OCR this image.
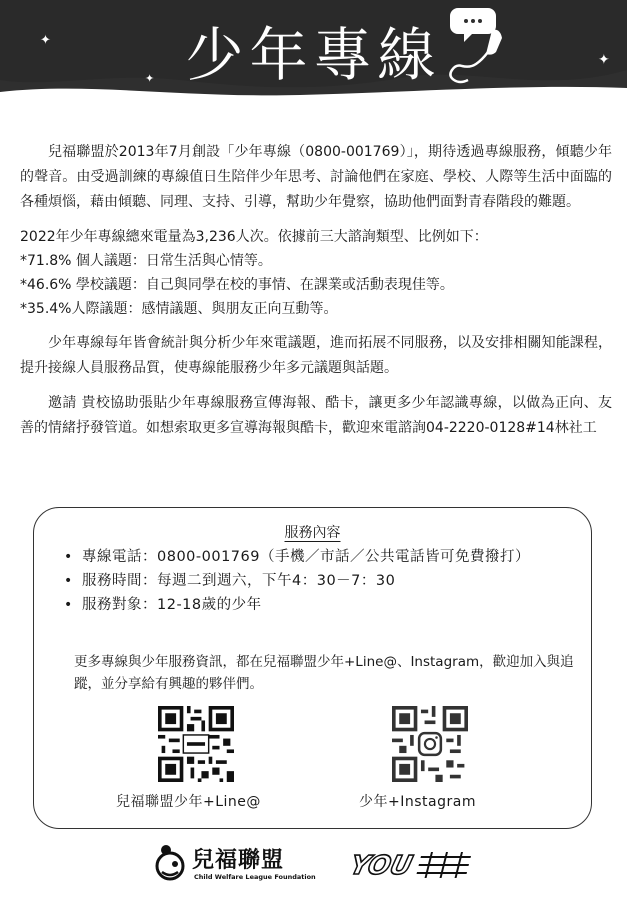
少年專線
✦
✦
✦

兒福聯盟於2013年7月創設「少年專線（0800-001769）」，期待透過專線服務，傾聽少年的聲音。由受過訓練的專線值日生陪伴少年思考、討論他們在家庭、學校、人際等生活中面臨的各種煩惱，藉由傾聽、同理、支持、引導，幫助少年覺察，協助他們面對青春階段的難題。

2022年少年專線總來電量為3,236人次。依據前三大諮詢類型、比例如下：
*71.8% 個人議題：日常生活與心情等。
*46.6% 學校議題：自己與同學在校的事情、在課業或活動表現佳等。
*35.4%人際議題：感情議題、與朋友正向互動等。

少年專線每年皆會統計與分析少年來電議題，進而拓展不同服務，以及安排相關知能課程，提升接線人員服務品質，使專線能服務少年多元議題與話題。

邀請 貴校協助張貼少年專線服務宣傳海報、酷卡，讓更多少年認識專線，以做為正向、友善的情緒抒發管道。如想索取更多宣導海報與酷卡，歡迎來電諮詢04-2220-0128#14林社工

服務內容
• 專線電話：0800-001769（手機／市話／公共電話皆可免費撥打）
• 服務時間：每週二到週六，下午4：30－7：30
• 服務對象：12-18歲的少年
更多專線與少年服務資訊，都在兒福聯盟少年+Line@、Instagram，歡迎加入與追蹤，並分享給有興趣的夥伴們。
兒福聯盟少年+Line@	少年+Instagram
兒福聯盟
Child Welfare League Foundation YOU
